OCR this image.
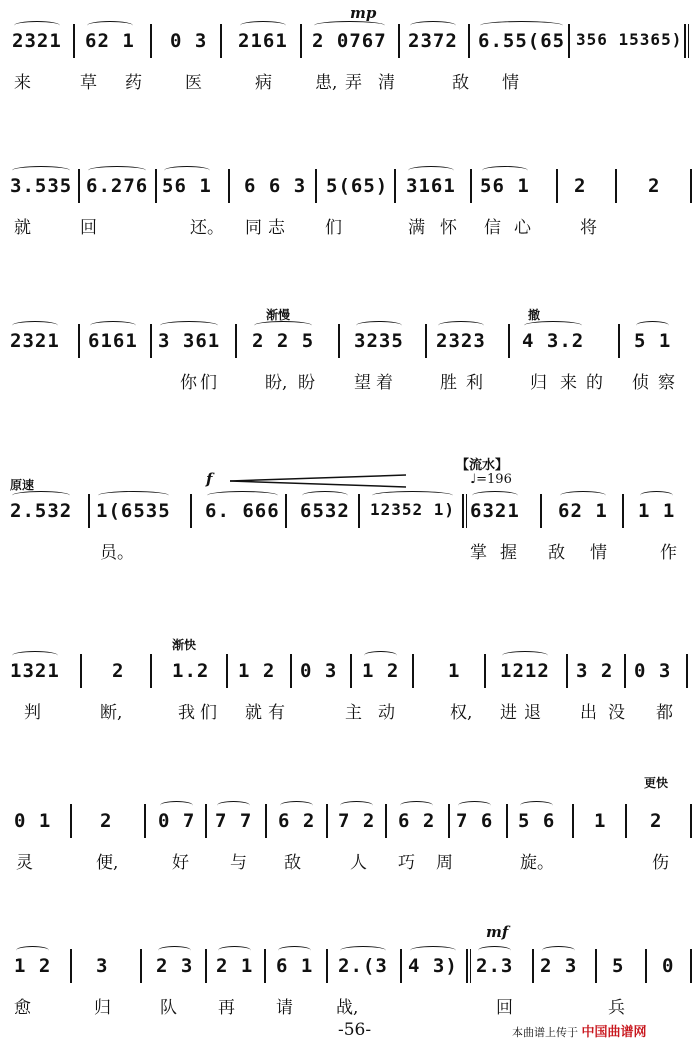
mp
2321 62 1 0 3 2161 2 0767 2372 6.55(65 356 15365)
来	草 药	医	病	患, 弄 清	敌 情
3.535 6.276 56 1 6 6 3 5(65) 3161 56 1 2	2
就	回	还。 同 志 们	满 怀 信 心	将
渐慢	撤
2321 6161 3 361 2 2 5 3235 2323 4 3.2	5 1
你 们	盼, 盼 望 着	胜 利	归 来 的 侦 察
原速	f
【流水】
♩=196
2.532 1(6535 6. 666 6532 12352 1) 6321 62 1 1 1
员。	掌 握 敌 情	作
渐快
1321	2	1.2 1 2 0 3 1 2	1 1212 3 2 0 3
判	断,	我 们 就 有	主 动	权, 进 退 出 没 都
更快
0 1	2 0 7 7 7 6 2 7 2 6 2 7 6 5 6 1 2
灵	便,	好 与 敌	人 巧 周	旋。	伤
mf
1 2 3	2 3 2 1 6 1 2.(3 4 3) 2.3 2 3 5 0
愈	归	队 再 请	战,	回	兵
-56-	本曲谱上传于 中国曲谱网
